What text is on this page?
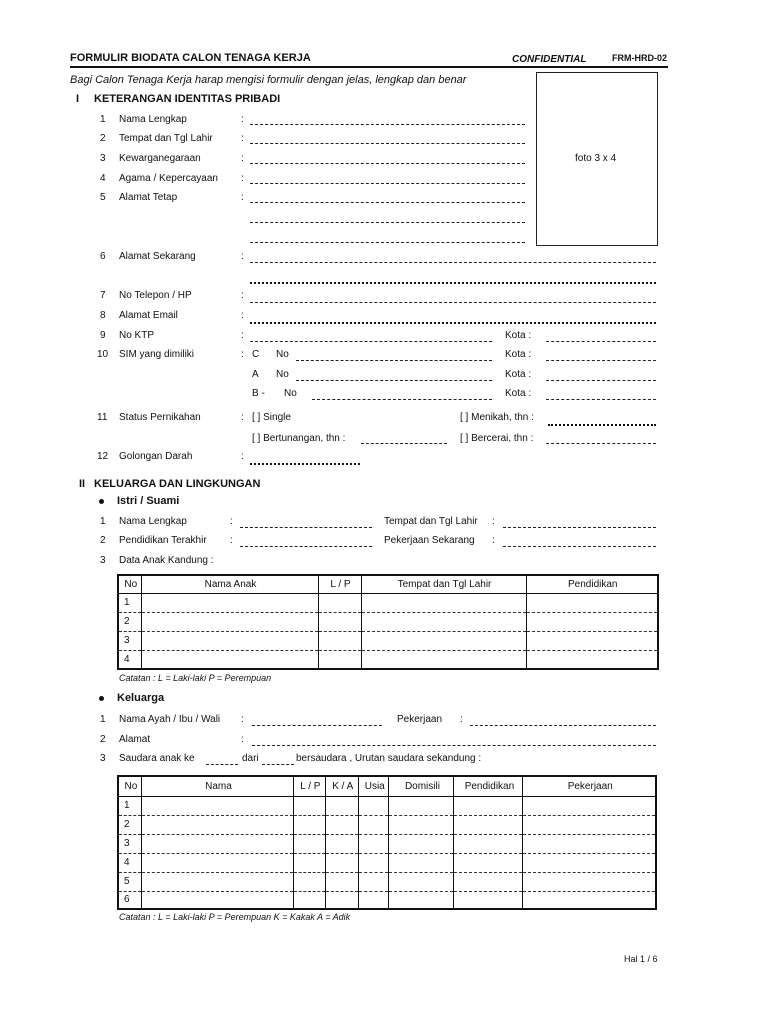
FORMULIR BIODATA CALON TENAGA KERJA	CONFIDENTIAL	FRM-HRD-02
Bagi Calon Tenaga Kerja harap mengisi formulir dengan jelas, lengkap dan benar
foto 3 x 4
I KETERANGAN IDENTITAS PRIBADI
1 Nama Lengkap	:
2 Tempat dan Tgl Lahir	:
3 Kewarganegaraan	:
4 Agama / Kepercayaan :
5 Alamat Tetap	:
6 Alamat Sekarang	:
7 No Telepon / HP	:
8 Alamat Email	:
9 No KTP	:	Kota :
10 SIM yang dimiliki	: C No	Kota :
A No	Kota :
B - No	Kota :
11 Status Pernikahan	: [ ] Single	[ ] Menikah, thn :
[ ] Bertunangan, thn :	[ ] Bercerai, thn :
12 Golongan Darah	:
II KELUARGA DAN LINGKUNGAN
Istri / Suami
1 Nama Lengkap	:	Tempat dan Tgl Lahir :
2 Pendidikan Terakhir :	Pekerjaan Sekarang :
3 Data Anak Kandung :
No	Nama Anak	L / P	Tempat dan Tgl Lahir	Pendidikan
1				
2				
3				
4				
Catatan : L = Laki-laki P = Perempuan
Keluarga
1 Nama Ayah / Ibu / Wali :	Pekerjaan :
2 Alamat	:
3 Saudara anak ke	dari	bersaudara , Urutan saudara sekandung :
No	Nama	L / P	K / A	Usia	Domisili	Pendidikan	Pekerjaan
1							
2							
3							
4							
5							
6							
Catatan : L = Laki-laki P = Perempuan K = Kakak A = Adik
Hal 1 / 6
